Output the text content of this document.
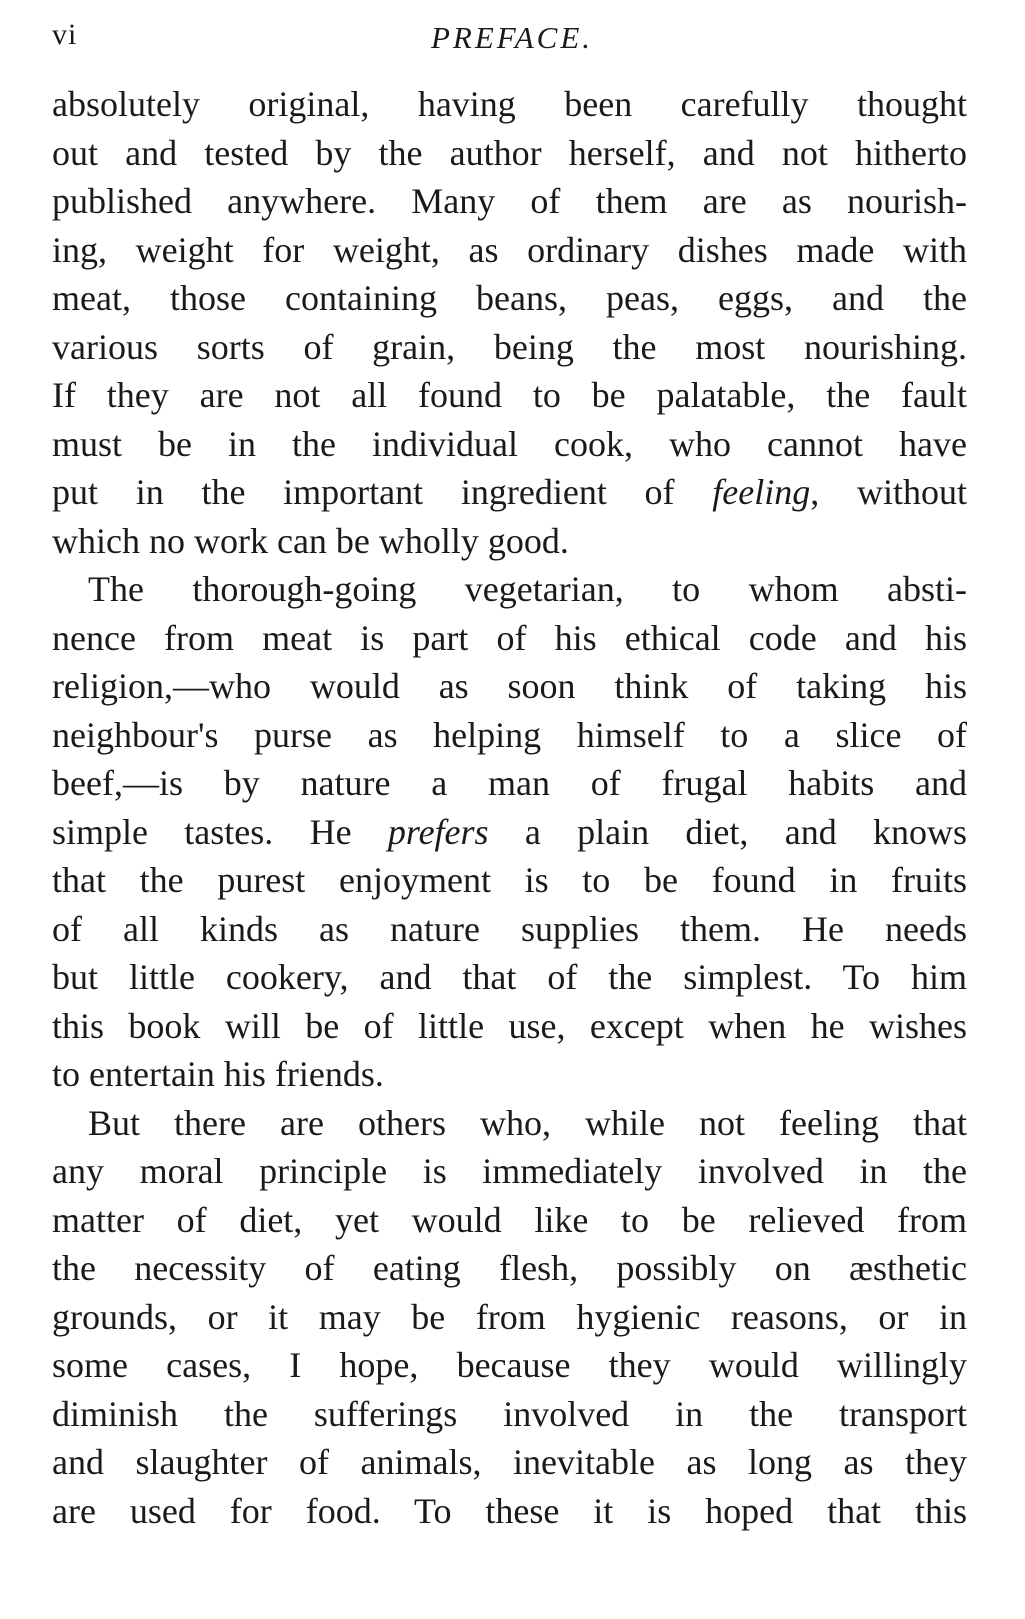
vi	PREFACE.

absolutely original, having been carefully thought
out and tested by the author herself, and not hitherto
published anywhere. Many of them are as nourish-
ing, weight for weight, as ordinary dishes made with
meat, those containing beans, peas, eggs, and the
various sorts of grain, being the most nourishing.
If they are not all found to be palatable, the fault
must be in the individual cook, who cannot have
put in the important ingredient of feeling, without
which no work can be wholly good.

The thorough-going vegetarian, to whom absti-
nence from meat is part of his ethical code and his
religion,—who would as soon think of taking his
neighbour's purse as helping himself to a slice of
beef,—is by nature a man of frugal habits and
simple tastes. He prefers a plain diet, and knows
that the purest enjoyment is to be found in fruits
of all kinds as nature supplies them. He needs
but little cookery, and that of the simplest. To him
this book will be of little use, except when he wishes
to entertain his friends.

But there are others who, while not feeling that
any moral principle is immediately involved in the
matter of diet, yet would like to be relieved from
the necessity of eating flesh, possibly on æsthetic
grounds, or it may be from hygienic reasons, or in
some cases, I hope, because they would willingly
diminish the sufferings involved in the transport
and slaughter of animals, inevitable as long as they
are used for food. To these it is hoped that this
